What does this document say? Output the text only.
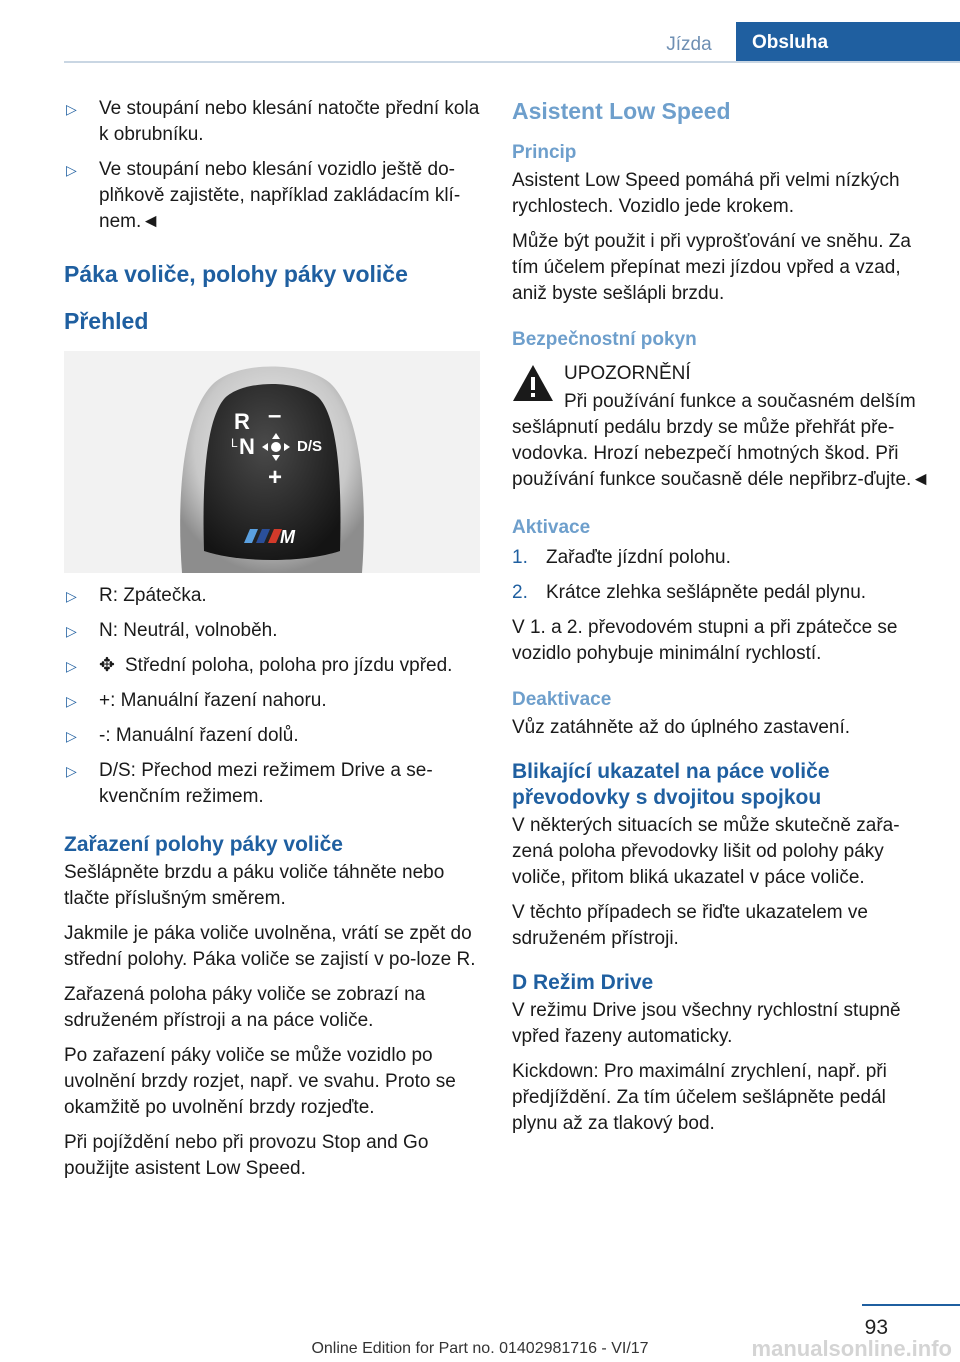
Jízda	Obsluha
▷ Ve stoupání nebo klesání natočte přední kola k obrubníku.
▷ Ve stoupání nebo klesání vozidlo ještě do-plňkově zajistěte, například zakládacím klí-nem.◄
Páka voliče, polohy páky voliče
Přehled
R –
L N	D/S
+
M
▷ R: Zpátečka.
▷ N: Neutrál, volnoběh.
▷ ✥ Střední poloha, poloha pro jízdu vpřed.
▷ +: Manuální řazení nahoru.
▷ -: Manuální řazení dolů.
▷ D/S: Přechod mezi režimem Drive a se-kvenčním režimem.
Zařazení polohy páky voliče

Sešlápněte brzdu a páku voliče táhněte nebo tlačte příslušným směrem.

Jakmile je páka voliče uvolněna, vrátí se zpět do střední polohy. Páka voliče se zajistí v po-loze R.

Zařazená poloha páky voliče se zobrazí na sdruženém přístroji a na páce voliče.

Po zařazení páky voliče se může vozidlo po uvolnění brzdy rozjet, např. ve svahu. Proto se okamžitě po uvolnění brzdy rozjeďte.

Při pojíždění nebo při provozu Stop and Go použijte asistent Low Speed.

Asistent Low Speed
Princip

Asistent Low Speed pomáhá při velmi nízkých rychlostech. Vozidlo jede krokem.

Může být použit i při vyprošťování ve sněhu. Za tím účelem přepínat mezi jízdou vpřed a vzad, aniž byste sešlápli brzdu.

Bezpečnostní pokyn
UPOZORNĚNÍ

Při používání funkce a současném delším sešlápnutí pedálu brzdy se může přehřát pře-vodovka. Hrozí nebezpečí hmotných škod. Při používání funkce současně déle nepřibrz-ďujte.◄

Aktivace
1. Zařaďte jízdní polohu.
2. Krátce zlehka sešlápněte pedál plynu.

V 1. a 2. převodovém stupni a při zpátečce se vozidlo pohybuje minimální rychlostí.

Deaktivace

Vůz zatáhněte až do úplného zastavení.

Blikající ukazatel na páce voliče převodovky s dvojitou spojkou

V některých situacích se může skutečně zařa-zená poloha převodovky lišit od polohy páky voliče, přitom bliká ukazatel v páce voliče.

V těchto případech se řiďte ukazatelem ve sdruženém přístroji.

D Režim Drive

V režimu Drive jsou všechny rychlostní stupně vpřed řazeny automaticky.

Kickdown: Pro maximální zrychlení, např. při předjíždění. Za tím účelem sešlápněte pedál plynu až za tlakový bod.

93
manualsonline.info
Online Edition for Part no. 01402981716 - VI/17
